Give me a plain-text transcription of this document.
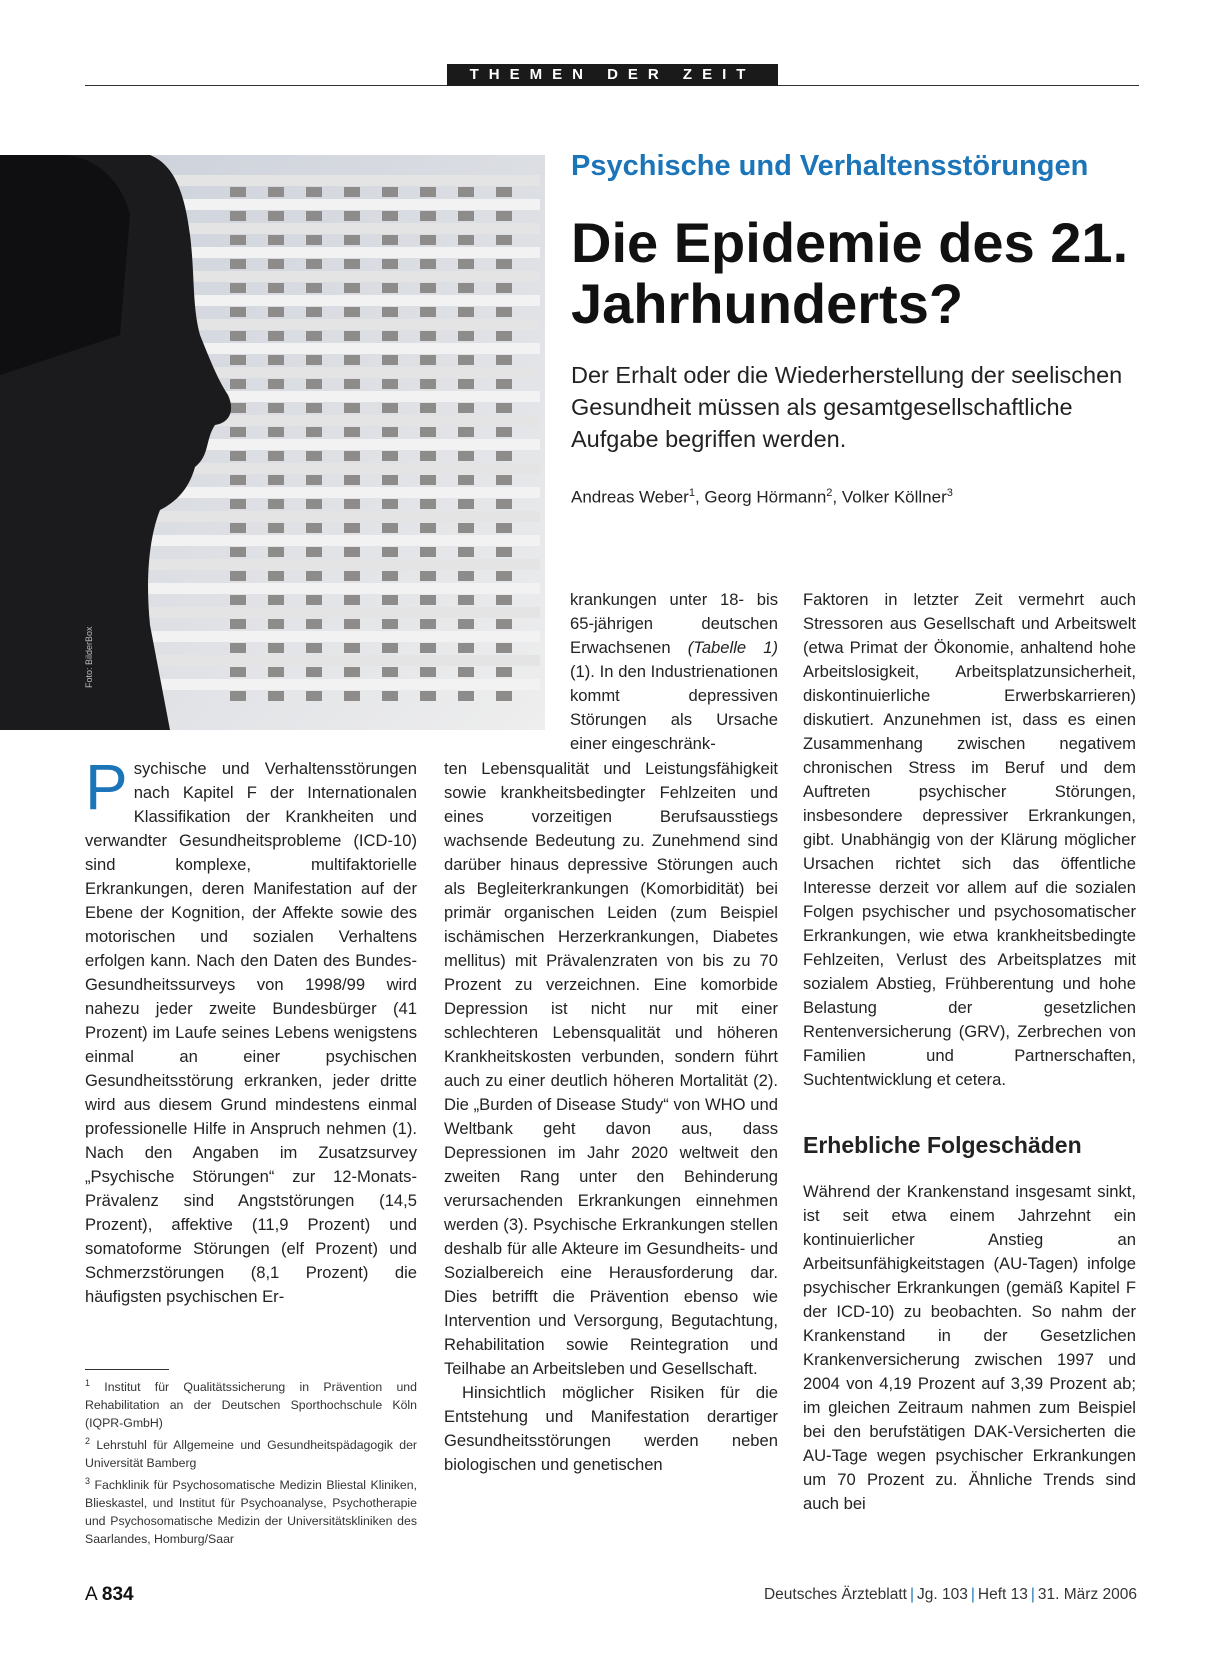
THEMEN DER ZEIT
Foto: BilderBox
Psychische und Verhaltensstörungen
Die Epidemie des 21. Jahrhunderts?
Der Erhalt oder die Wiederherstellung der seelischen Gesundheit müssen als gesamtgesellschaftliche Aufgabe begriffen werden.
Andreas Weber$^1$, Georg Hörmann$^2$, Volker Köllner$^3$

krankungen unter 18- bis 65-jährigen deutschen Erwachsenen (Tabelle 1) (1). In den Industrienationen kommt depressiven Störungen als Ursache einer eingeschränk-

Psychische und Verhaltensstörungen nach Kapitel F der Internationalen Klassifikation der Krankheiten und verwandter Gesundheitsprobleme (ICD-10) sind komplexe, multifaktorielle Erkrankungen, deren Manifestation auf der Ebene der Kognition, der Affekte sowie des motorischen und sozialen Verhaltens erfolgen kann. Nach den Daten des Bundes-Gesundheitssurveys von 1998/99 wird nahezu jeder zweite Bundesbürger (41 Prozent) im Laufe seines Lebens wenigstens einmal an einer psychischen Gesundheitsstörung erkranken, jeder dritte wird aus diesem Grund mindestens einmal professionelle Hilfe in Anspruch nehmen (1). Nach den Angaben im Zusatzsurvey „Psychische Störungen“ zur 12-Monats-Prävalenz sind Angststörungen (14,5 Prozent), affektive (11,9 Prozent) und somatoforme Störungen (elf Prozent) und Schmerzstörungen (8,1 Prozent) die häufigsten psychischen Er-

ten Lebensqualität und Leistungsfähigkeit sowie krankheitsbedingter Fehlzeiten und eines vorzeitigen Berufsausstiegs wachsende Bedeutung zu. Zunehmend sind darüber hinaus depressive Störungen auch als Begleiterkrankungen (Komorbidität) bei primär organischen Leiden (zum Beispiel ischämischen Herzerkrankungen, Diabetes mellitus) mit Prävalenzraten von bis zu 70 Prozent zu verzeichnen. Eine komorbide Depression ist nicht nur mit einer schlechteren Lebensqualität und höheren Krankheitskosten verbunden, sondern führt auch zu einer deutlich höheren Mortalität (2). Die „Burden of Disease Study“ von WHO und Weltbank geht davon aus, dass Depressionen im Jahr 2020 weltweit den zweiten Rang unter den Behinderung verursachenden Erkrankungen einnehmen werden (3). Psychische Erkrankungen stellen deshalb für alle Akteure im Gesundheits- und Sozialbereich eine Herausforderung dar. Dies betrifft die Prävention ebenso wie Intervention und Versorgung, Begutachtung, Rehabilitation sowie Reintegration und Teilhabe an Arbeitsleben und Gesellschaft.

Hinsichtlich möglicher Risiken für die Entstehung und Manifestation derartiger Gesundheitsstörungen werden neben biologischen und genetischen

Faktoren in letzter Zeit vermehrt auch Stressoren aus Gesellschaft und Arbeitswelt (etwa Primat der Ökonomie, anhaltend hohe Arbeitslosigkeit, Arbeitsplatzunsicherheit, diskontinuierliche Erwerbskarrieren) diskutiert. Anzunehmen ist, dass es einen Zusammenhang zwischen negativem chronischen Stress im Beruf und dem Auftreten psychischer Störungen, insbesondere depressiver Erkrankungen, gibt. Unabhängig von der Klärung möglicher Ursachen richtet sich das öffentliche Interesse derzeit vor allem auf die sozialen Folgen psychischer und psychosomatischer Erkrankungen, wie etwa krankheitsbedingte Fehlzeiten, Verlust des Arbeitsplatzes mit sozialem Abstieg, Frühberentung und hohe Belastung der gesetzlichen Rentenversicherung (GRV), Zerbrechen von Familien und Partnerschaften, Suchtentwicklung et cetera.

Erhebliche Folgeschäden

Während der Krankenstand insgesamt sinkt, ist seit etwa einem Jahrzehnt ein kontinuierlicher Anstieg an Arbeitsunfähigkeitstagen (AU-Tagen) infolge psychischer Erkrankungen (gemäß Kapitel F der ICD-10) zu beobachten. So nahm der Krankenstand in der Gesetzlichen Krankenversicherung zwischen 1997 und 2004 von 4,19 Prozent auf 3,39 Prozent ab; im gleichen Zeitraum nahmen zum Beispiel bei den berufstätigen DAK-Versicherten die AU-Tage wegen psychischer Erkrankungen um 70 Prozent zu. Ähnliche Trends sind auch bei

$^1$ Institut für Qualitätssicherung in Prävention und Rehabilitation an der Deutschen Sporthochschule Köln (IQPR-GmbH)

$^2$ Lehrstuhl für Allgemeine und Gesundheitspädagogik der Universität Bamberg

$^3$ Fachklinik für Psychosomatische Medizin Bliestal Kliniken, Blieskastel, und Institut für Psychoanalyse, Psychotherapie und Psychosomatische Medizin der Universitätskliniken des Saarlandes, Homburg/Saar

A 834	Deutsches Ärzteblatt | Jg. 103 | Heft 13 | 31. März 2006
